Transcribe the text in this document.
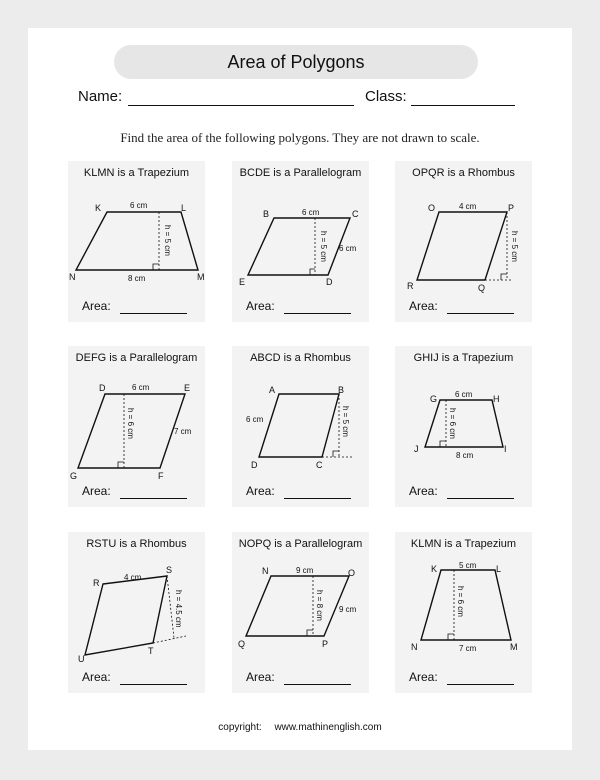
Area of Polygons
Name:	Class:
Find the area of the following polygons. They are not drawn to scale.
KLMN is a Trapezium
K	L
M
N
6 cm
8 cm
h = 5 cm
Area:
BCDE is a Parallelogram
B	C
D
E
6 cm
6 cm
h = 5 cm
Area:
OPQR is a Rhombus
O	P
Q
R
4 cm
h = 5 cm
Area:
DEFG is a Parallelogram
D	E
F
G
6 cm
7 cm
h = 6 cm
Area:
ABCD is a Rhombus
A	B
C
D
6 cm	h = 5 cm
Area:
GHIJ is a Trapezium
G	H
I
J
6 cm
8 cm
h = 6 cm
Area:
RSTU is a Rhombus
R
S
T
U
4 cm
h = 4.5 cm
Area:
NOPQ is a Parallelogram
N	O
P
Q
9 cm
9 cm
h = 8 cm
Area:
KLMN is a Trapezium
K	L
M
N
5 cm
7 cm
h = 6 cm
Area:
copyright: www.mathinenglish.com
